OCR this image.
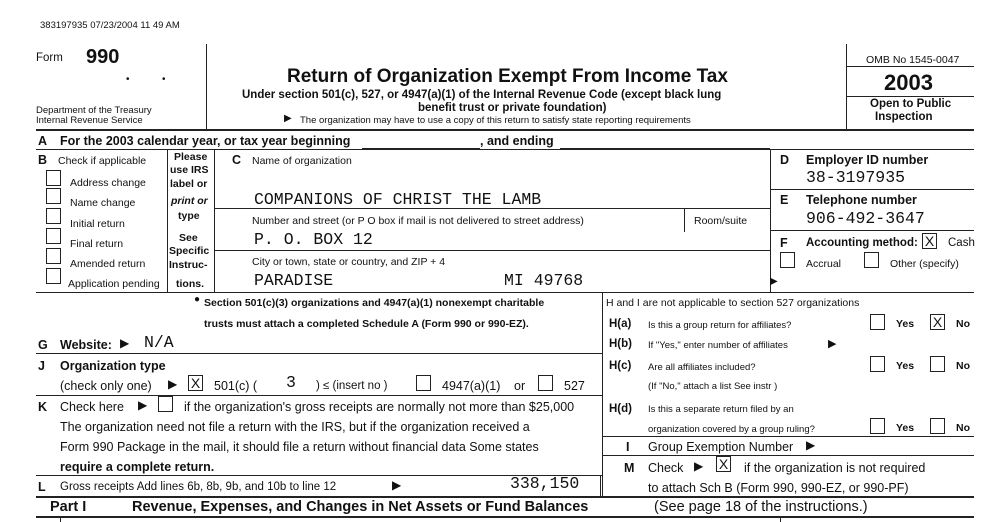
383197935 07/23/2004 11 49 AM
Form 990
•	•
Department of the Treasury
Internal Revenue Service
Return of Organization Exempt From Income Tax
Under section 501(c), 527, or 4947(a)(1) of the Internal Revenue Code (except black lung
benefit trust or private foundation)
▶ The organization may have to use a copy of this return to satisfy state reporting requirements
OMB No 1545-0047
2003
Open to Public
Inspection
A For the 2003 calendar year, or tax year beginning	, and ending
B Check if applicable
Address change
Name change
Initial return
Final return
Amended return
Application pending
Please
use IRS
label or
print or
type
See
Specific
Instruc-
tions.
C Name of organization
COMPANIONS OF CHRIST THE LAMB
Number and street (or P O box if mail is not delivered to street address)	Room/suite
P. O. BOX 12
City or town, state or country, and ZIP + 4
PARADISE	MI 49768
D Employer ID number
38-3197935
E Telephone number
906-492-3647
F Accounting method: X Cash
Accrual	Other (specify)
▶
● Section 501(c)(3) organizations and 4947(a)(1) nonexempt charitable
trusts must attach a completed Schedule A (Form 990 or 990-EZ).
H and I are not applicable to section 527 organizations
H(a) Is this a group return for affiliates?	Yes X No
H(b) If "Yes," enter number of affiliates	▶
H(c) Are all affiliates included?	Yes	No
(If "No," attach a list See instr )
H(d) Is this a separate return filed by an
organization covered by a group ruling?	Yes	No
G Website: ▶ N/A
J Organization type
(check only one) ▶ X 501(c) ( 3 ) ≤ (insert no )	4947(a)(1) or	527
K Check here ▶	if the organization's gross receipts are normally not more than $25,000
The organization need not file a return with the IRS, but if the organization received a
Form 990 Package in the mail, it should file a return without financial data Some states
require a complete return.
I Group Exemption Number ▶
M Check ▶ X if the organization is not required
to attach Sch B (Form 990, 990-EZ, or 990-PF)
L Gross receipts Add lines 6b, 8b, 9b, and 10b to line 12	▶	338,150
Part I	Revenue, Expenses, and Changes in Net Assets or Fund Balances	(See page 18 of the instructions.)
